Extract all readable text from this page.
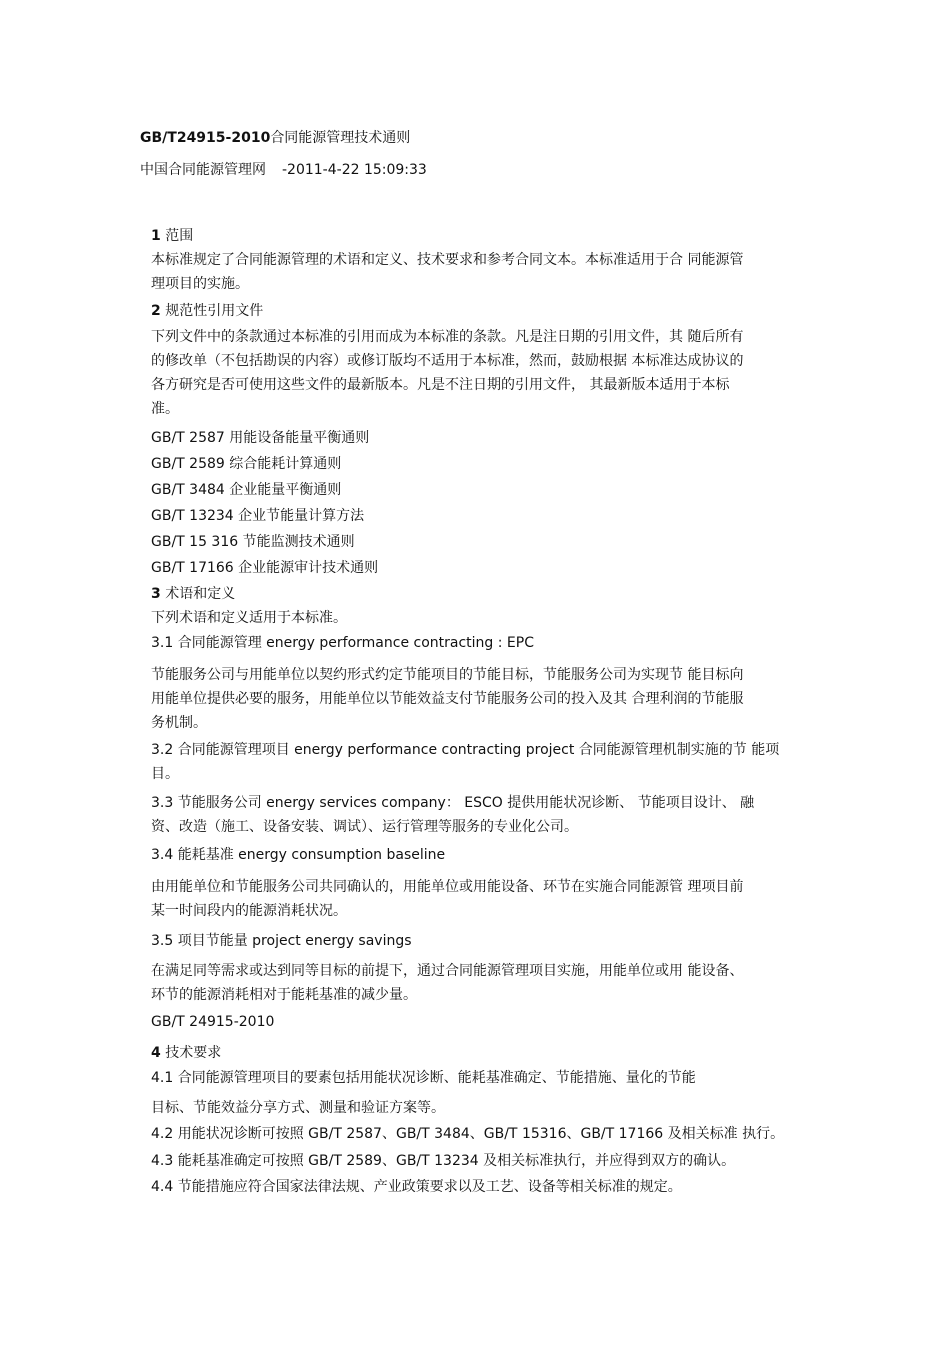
GB/T24915-2010合同能源管理技术通则
中国合同能源管理网 -2011-4-22 15:09:33
1 范围
本标准规定了合同能源管理的术语和定义、技术要求和参考合同文本。本标准适用于合 同能源管
理项目的实施。
2 规范性引用文件
下列文件中的条款通过本标准的引用而成为本标准的条款。凡是注日期的引用文件，其 随后所有
的修改单（不包括勘误的内容）或修订版均不适用于本标准，然而，鼓励根据 本标准达成协议的
各方研究是否可使用这些文件的最新版本。凡是不注日期的引用文件， 其最新版本适用于本标
准。
GB/T 2587 用能设备能量平衡通则
GB/T 2589 综合能耗计算通则
GB/T 3484 企业能量平衡通则
GB/T 13234 企业节能量计算方法
GB/T 15 316 节能监测技术通则
GB/T 17166 企业能源审计技术通则
3 术语和定义
下列术语和定义适用于本标准。
3.1 合同能源管理 energy performance contracting : EPC
节能服务公司与用能单位以契约形式约定节能项目的节能目标，节能服务公司为实现节 能目标向
用能单位提供必要的服务，用能单位以节能效益支付节能服务公司的投入及其 合理利润的节能服
务机制。
3.2 合同能源管理项目 energy performance contracting project 合同能源管理机制实施的节 能项
目。
3.3 节能服务公司 energy services company： ESCO 提供用能状况诊断、 节能项目设计、 融
资、改造（施工、设备安装、调试）、运行管理等服务的专业化公司。
3.4 能耗基准 energy consumption baseline
由用能单位和节能服务公司共同确认的，用能单位或用能设备、环节在实施合同能源管 理项目前
某一时间段内的能源消耗状况。
3.5 项目节能量 project energy savings
在满足同等需求或达到同等目标的前提下，通过合同能源管理项目实施，用能单位或用 能设备、
环节的能源消耗相对于能耗基准的减少量。
GB/T 24915-2010
4 技术要求
4.1 合同能源管理项目的要素包括用能状况诊断、能耗基准确定、节能措施、量化的节能
目标、节能效益分享方式、测量和验证方案等。
4.2 用能状况诊断可按照 GB/T 2587、GB/T 3484、GB/T 15316、GB/T 17166 及相关标准 执行。
4.3 能耗基准确定可按照 GB/T 2589、GB/T 13234 及相关标准执行，并应得到双方的确认。
4.4 节能措施应符合国家法律法规、产业政策要求以及工艺、设备等相关标准的规定。
